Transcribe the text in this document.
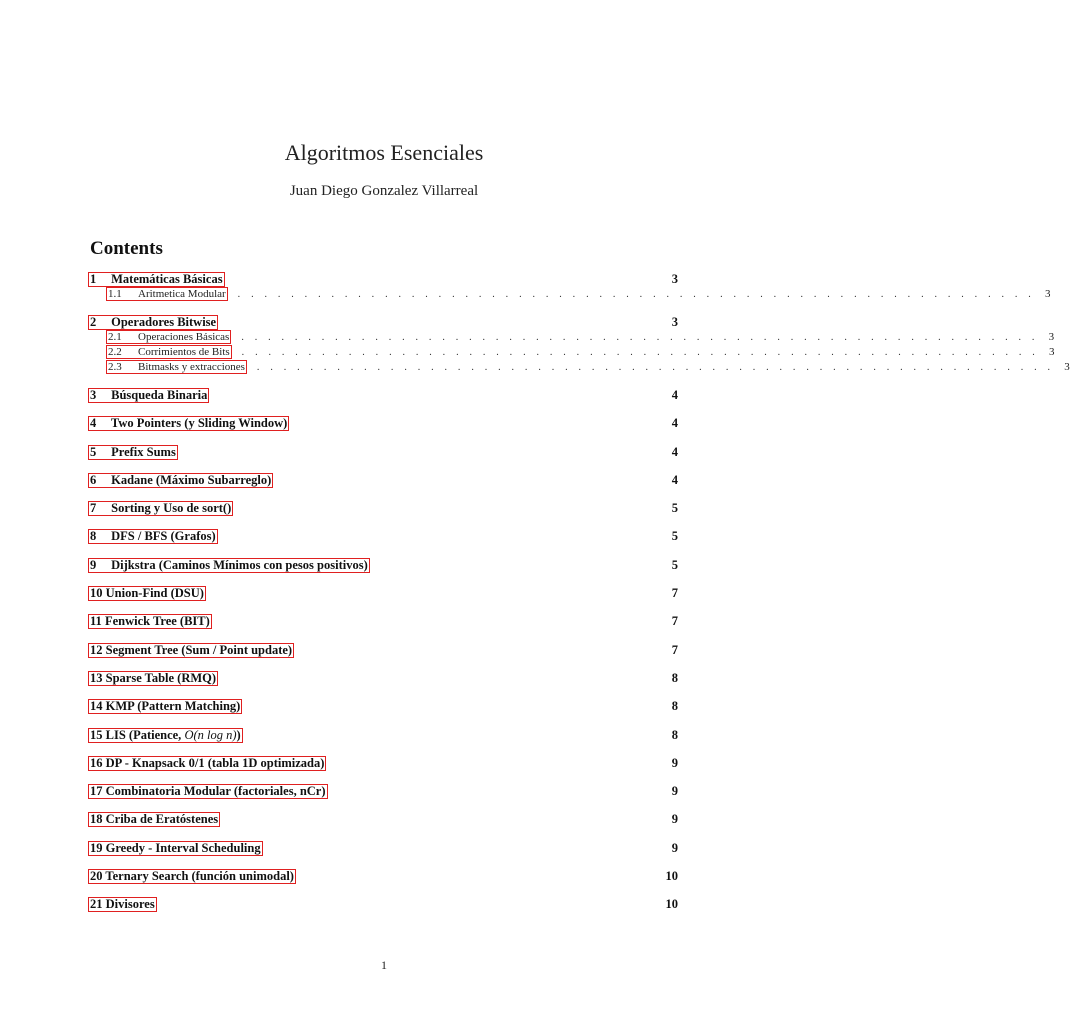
Algoritmos Esenciales
Juan Diego Gonzalez Villarreal
Contents
1 Matemáticas Básicas	3
1.1 Aritmetica Modular . . . . . . . . . . . . . . . . . . . . . . . . . . . . . . . . . . . . . . . . . . . . . . . . . . . . . . . . . . . . 3
2 Operadores Bitwise	3
2.1 Operaciones Básicas . . . . . . . . . . . . . . . . . . . . . . . . . . . . . . . . . . . . . . . . . . . . . . . . . . . . . . . . . . . . 3
2.2 Corrimientos de Bits . . . . . . . . . . . . . . . . . . . . . . . . . . . . . . . . . . . . . . . . . . . . . . . . . . . . . . . . . . . . 3
2.3 Bitmasks y extracciones . . . . . . . . . . . . . . . . . . . . . . . . . . . . . . . . . . . . . . . . . . . . . . . . . . . . . . . . . . . . 3
3 Búsqueda Binaria	4
4 Two Pointers (y Sliding Window)	4
5 Prefix Sums	4
6 Kadane (Máximo Subarreglo)	4
7 Sorting y Uso de sort()	5
8 DFS / BFS (Grafos)	5
9 Dijkstra (Caminos Mínimos con pesos positivos)	5
10 Union-Find (DSU)	7
11 Fenwick Tree (BIT)	7
12 Segment Tree (Sum / Point update)	7
13 Sparse Table (RMQ)	8
14 KMP (Pattern Matching)	8
15 LIS (Patience, O(n log n))	8
16 DP - Knapsack 0/1 (tabla 1D optimizada)	9
17 Combinatoria Modular (factoriales, nCr)	9
18 Criba de Eratóstenes	9
19 Greedy - Interval Scheduling	9
20 Ternary Search (función unimodal)	10
21 Divisores	10
1
